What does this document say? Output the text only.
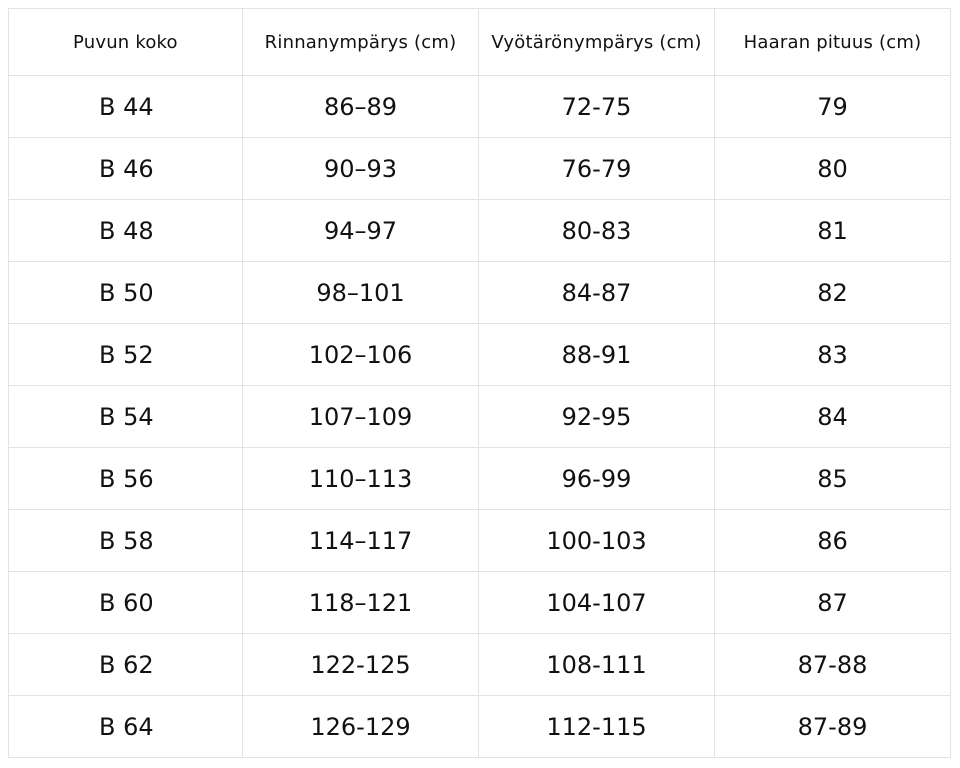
Puvun koko	Rinnanympärys (cm)	Vyötärönympärys (cm)	Haaran pituus (cm)
B 44	86–89	72-75	79
B 46	90–93	76-79	80
B 48	94–97	80-83	81
B 50	98–101	84-87	82
B 52	102–106	88-91	83
B 54	107–109	92-95	84
B 56	110–113	96-99	85
B 58	114–117	100-103	86
B 60	118–121	104-107	87
B 62	122-125	108-111	87-88
B 64	126-129	112-115	87-89
